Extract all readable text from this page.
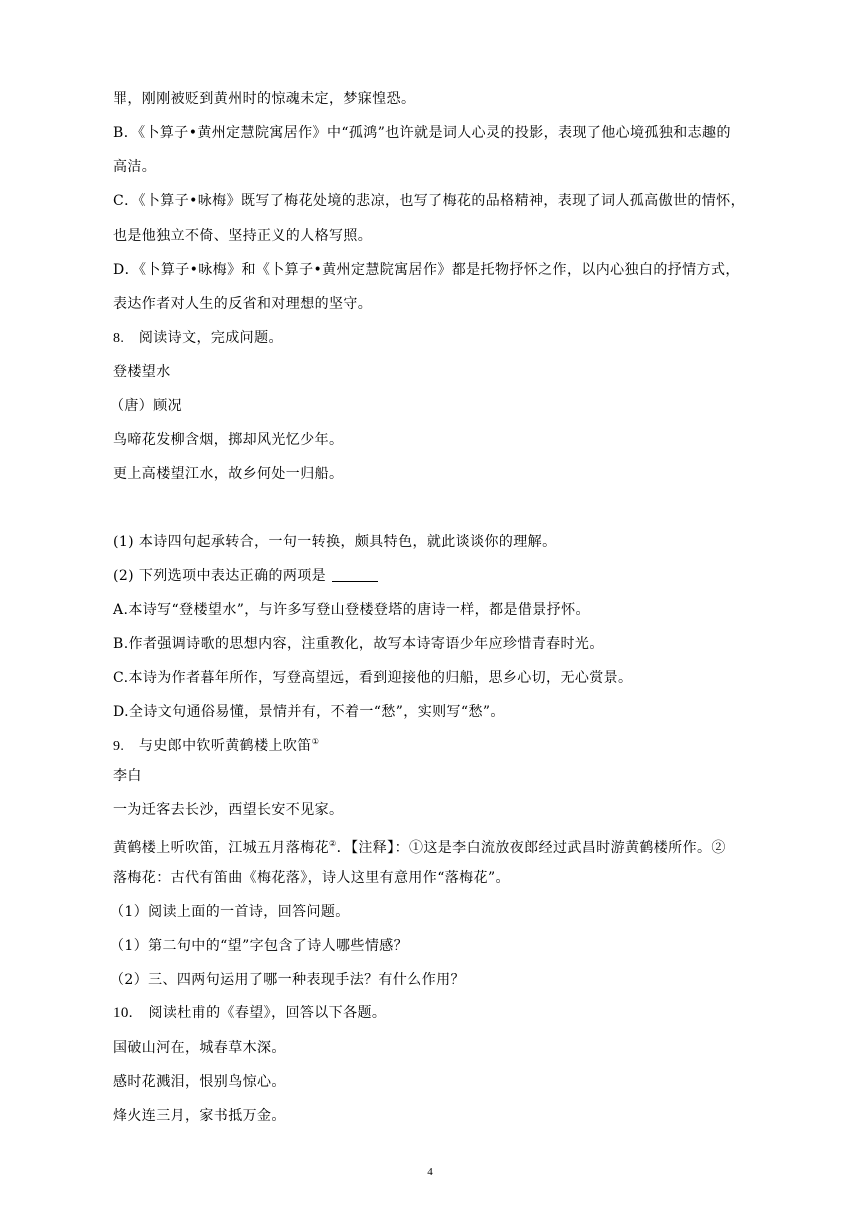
罪，刚刚被贬到黄州时的惊魂未定，梦寐惶恐。
B．《卜算子•黄州定慧院寓居作》中“孤鸿”也许就是词人心灵的投影，表现了他心境孤独和志趣的
高洁。
C．《卜算子•咏梅》既写了梅花处境的悲凉，也写了梅花的品格精神，表现了词人孤高傲世的情怀，
也是他独立不倚、坚持正义的人格写照。
D．《卜算子•咏梅》和《卜算子•黄州定慧院寓居作》都是托物抒怀之作，以内心独白的抒情方式，
表达作者对人生的反省和对理想的坚守。
8. 阅读诗文，完成问题。
登楼望水
（唐）顾况
鸟啼花发柳含烟，掷却风光忆少年。
更上高楼望江水，故乡何处一归船。
(1) 本诗四句起承转合，一句一转换，颇具特色，就此谈谈你的理解。
(2) 下列选项中表达正确的两项是
A.本诗写“登楼望水”，与许多写登山登楼登塔的唐诗一样，都是借景抒怀。
B.作者强调诗歌的思想内容，注重教化，故写本诗寄语少年应珍惜青春时光。
C.本诗为作者暮年所作，写登高望远，看到迎接他的归船，思乡心切，无心赏景。
D.全诗文句通俗易懂，景情并有，不着一“愁”，实则写“愁”。
9. 与史郎中钦听黄鹤楼上吹笛①
李白
一为迁客去长沙，西望长安不见家。
黄鹤楼上听吹笛，江城五月落梅花②．【注释】：①这是李白流放夜郎经过武昌时游黄鹤楼所作。②
落梅花：古代有笛曲《梅花落》，诗人这里有意用作“落梅花”。
（1）阅读上面的一首诗，回答问题。
（1）第二句中的“望”字包含了诗人哪些情感？
（2）三、四两句运用了哪一种表现手法？有什么作用？
10. 阅读杜甫的《春望》，回答以下各题。
国破山河在，城春草木深。
感时花溅泪，恨别鸟惊心。
烽火连三月，家书抵万金。
4
